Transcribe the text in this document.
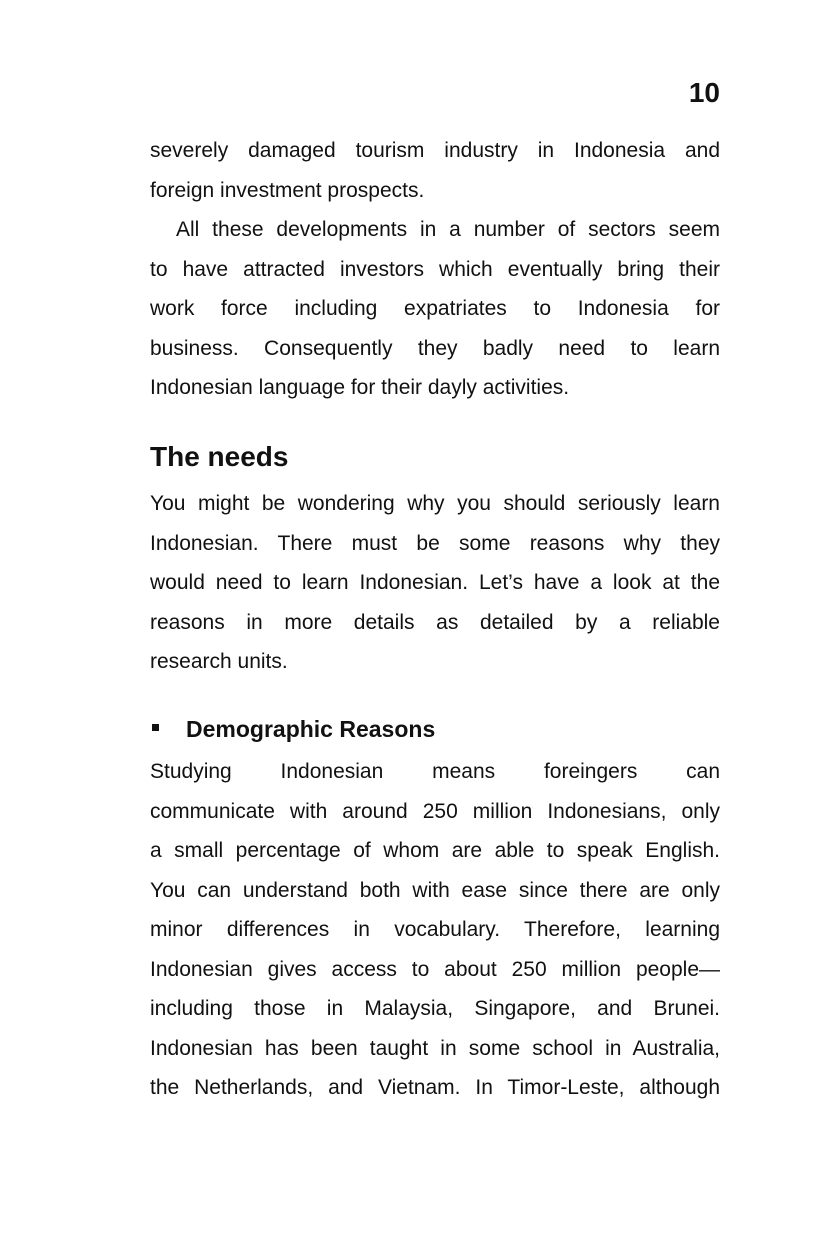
10
severely damaged tourism industry in Indonesia and
foreign investment prospects.
All these developments in a number of sectors seem
to have attracted investors which eventually bring their
work force including expatriates to Indonesia for
business. Consequently they badly need to learn
Indonesian language for their dayly activities.
The needs
You might be wondering why you should seriously learn
Indonesian. There must be some reasons why they
would need to learn Indonesian. Let’s have a look at the
reasons in more details as detailed by a reliable
research units.
Demographic Reasons
Studying Indonesian means foreingers can
communicate with around 250 million Indonesians, only
a small percentage of whom are able to speak English.
You can understand both with ease since there are only
minor differences in vocabulary. Therefore, learning
Indonesian gives access to about 250 million people—
including those in Malaysia, Singapore, and Brunei.
Indonesian has been taught in some school in Australia,
the Netherlands, and Vietnam. In Timor-Leste, although
